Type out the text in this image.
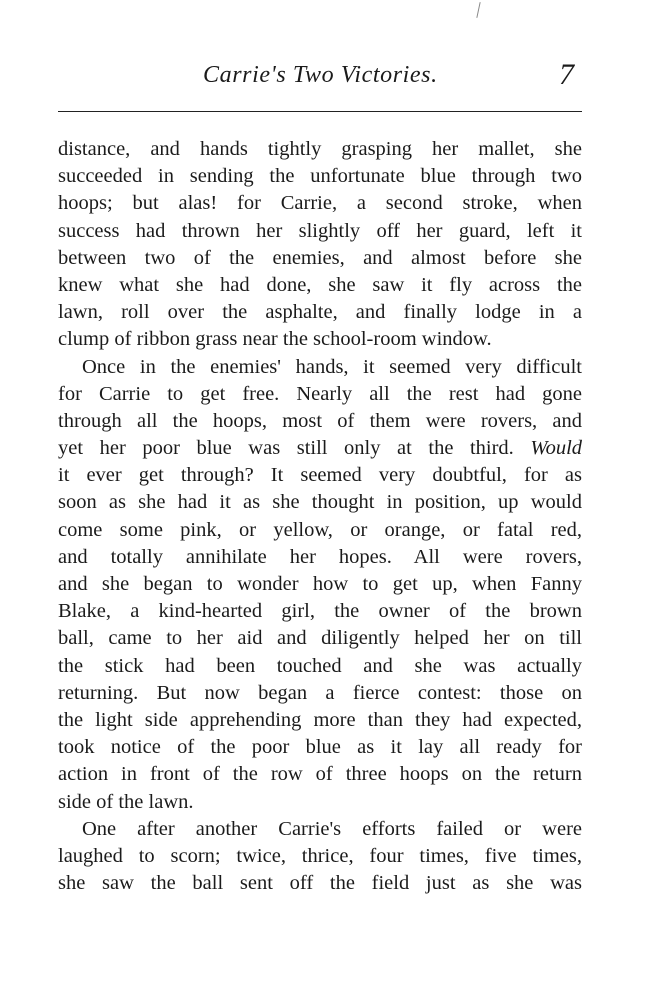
Carrie's Two Victories.	7
distance, and hands tightly grasping her mallet, she
succeeded in sending the unfortunate blue through two
hoops; but alas! for Carrie, a second stroke, when
success had thrown her slightly off her guard, left it
between two of the enemies, and almost before she
knew what she had done, she saw it fly across the
lawn, roll over the asphalte, and finally lodge in a
clump of ribbon grass near the school-room window.
Once in the enemies' hands, it seemed very difficult
for Carrie to get free. Nearly all the rest had gone
through all the hoops, most of them were rovers, and
yet her poor blue was still only at the third. Would
it ever get through? It seemed very doubtful, for as
soon as she had it as she thought in position, up would
come some pink, or yellow, or orange, or fatal red,
and totally annihilate her hopes. All were rovers,
and she began to wonder how to get up, when Fanny
Blake, a kind-hearted girl, the owner of the brown
ball, came to her aid and diligently helped her on till
the stick had been touched and she was actually
returning. But now began a fierce contest: those on
the light side apprehending more than they had expected,
took notice of the poor blue as it lay all ready for
action in front of the row of three hoops on the return
side of the lawn.
One after another Carrie's efforts failed or were
laughed to scorn; twice, thrice, four times, five times,
she saw the ball sent off the field just as she was
